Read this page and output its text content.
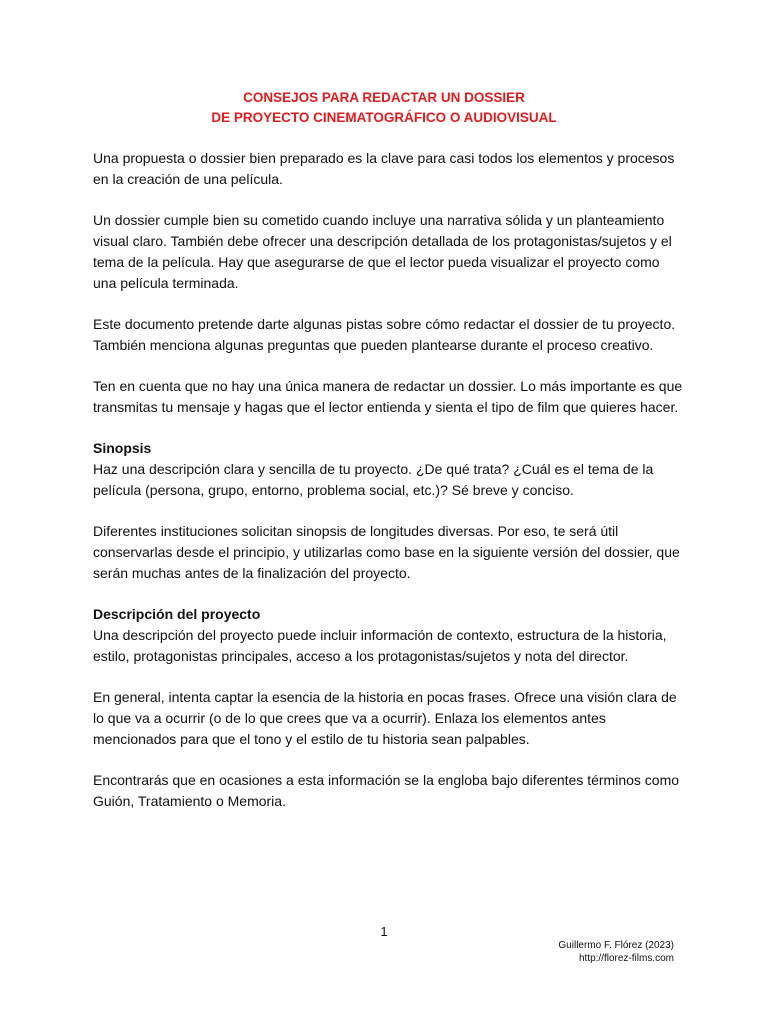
CONSEJOS PARA REDACTAR UN DOSSIER
DE PROYECTO CINEMATOGRÁFICO O AUDIOVISUAL

Una propuesta o dossier bien preparado es la clave para casi todos los elementos y procesos en la creación de una película.

Un dossier cumple bien su cometido cuando incluye una narrativa sólida y un planteamiento visual claro. También debe ofrecer una descripción detallada de los protagonistas/sujetos y el tema de la película. Hay que asegurarse de que el lector pueda visualizar el proyecto como una película terminada.

Este documento pretende darte algunas pistas sobre cómo redactar el dossier de tu proyecto. También menciona algunas preguntas que pueden plantearse durante el proceso creativo.

Ten en cuenta que no hay una única manera de redactar un dossier. Lo más importante es que transmitas tu mensaje y hagas que el lector entienda y sienta el tipo de film que quieres hacer.

Sinopsis

Haz una descripción clara y sencilla de tu proyecto. ¿De qué trata? ¿Cuál es el tema de la película (persona, grupo, entorno, problema social, etc.)? Sé breve y conciso.

Diferentes instituciones solicitan sinopsis de longitudes diversas. Por eso, te será útil conservarlas desde el principio, y utilizarlas como base en la siguiente versión del dossier, que serán muchas antes de la finalización del proyecto.

Descripción del proyecto

Una descripción del proyecto puede incluir información de contexto, estructura de la historia, estilo, protagonistas principales, acceso a los protagonistas/sujetos y nota del director.

En general, intenta captar la esencia de la historia en pocas frases. Ofrece una visión clara de lo que va a ocurrir (o de lo que crees que va a ocurrir). Enlaza los elementos antes mencionados para que el tono y el estilo de tu historia sean palpables.

Encontrarás que en ocasiones a esta información se la engloba bajo diferentes términos como Guión, Tratamiento o Memoria.

1
Guillermo F. Flórez (2023)
http://florez-films.com
